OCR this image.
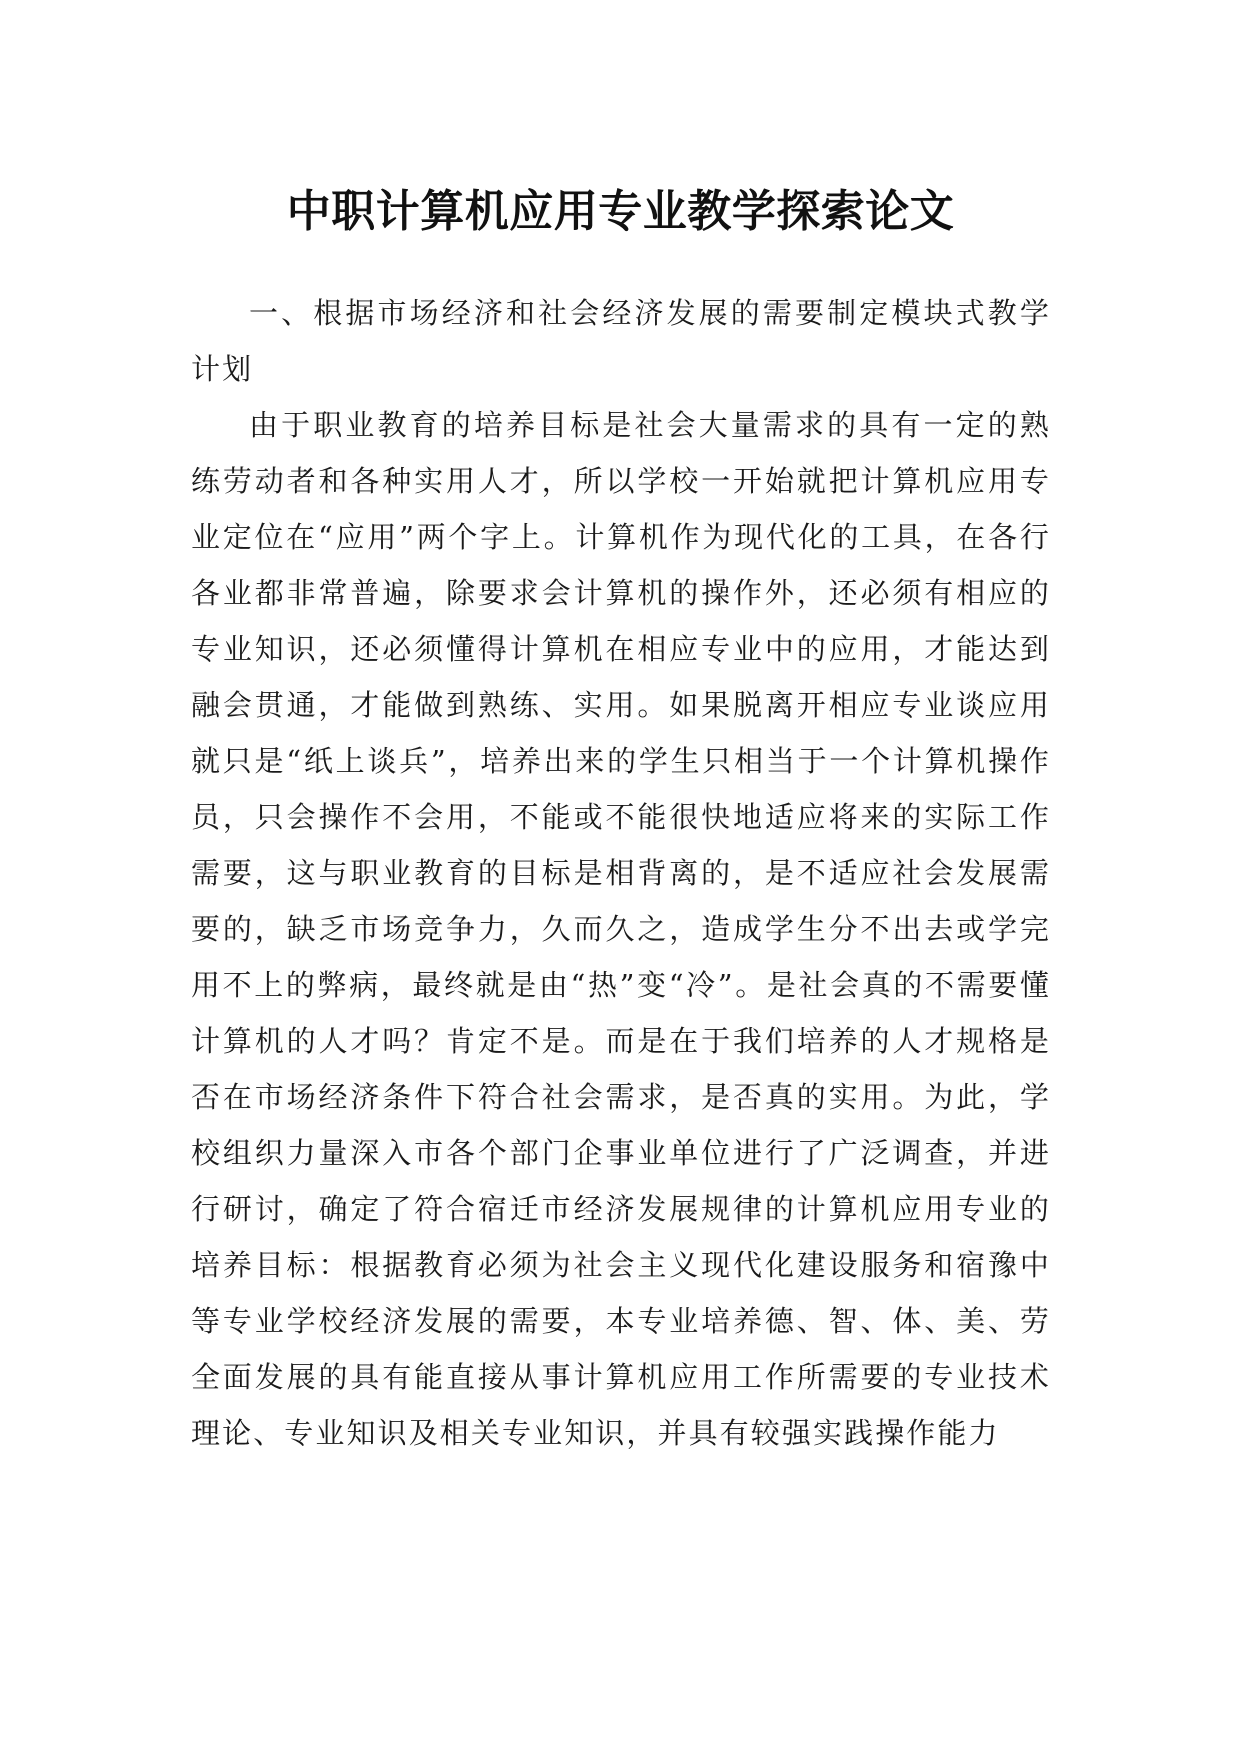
中职计算机应用专业教学探索论文

一、根据市场经济和社会经济发展的需要制定模块式教学计划

由于职业教育的培养目标是社会大量需求的具有一定的熟练劳动者和各种实用人才，所以学校一开始就把计算机应用专业定位在“应用”两个字上。计算机作为现代化的工具，在各行各业都非常普遍，除要求会计算机的操作外，还必须有相应的专业知识，还必须懂得计算机在相应专业中的应用，才能达到融会贯通，才能做到熟练、实用。如果脱离开相应专业谈应用就只是“纸上谈兵”，培养出来的学生只相当于一个计算机操作员，只会操作不会用，不能或不能很快地适应将来的实际工作需要，这与职业教育的目标是相背离的，是不适应社会发展需要的，缺乏市场竞争力，久而久之，造成学生分不出去或学完用不上的弊病，最终就是由“热”变“冷”。是社会真的不需要懂计算机的人才吗？肯定不是。而是在于我们培养的人才规格是否在市场经济条件下符合社会需求，是否真的实用。为此，学校组织力量深入市各个部门企事业单位进行了广泛调查，并进行研讨，确定了符合宿迁市经济发展规律的计算机应用专业的培养目标：根据教育必须为社会主义现代化建设服务和宿豫中等专业学校经济发展的需要，本专业培养德、智、体、美、劳全面发展的具有能直接从事计算机应用工作所需要的专业技术理论、专业知识及相关专业知识，并具有较强实践操作能力
